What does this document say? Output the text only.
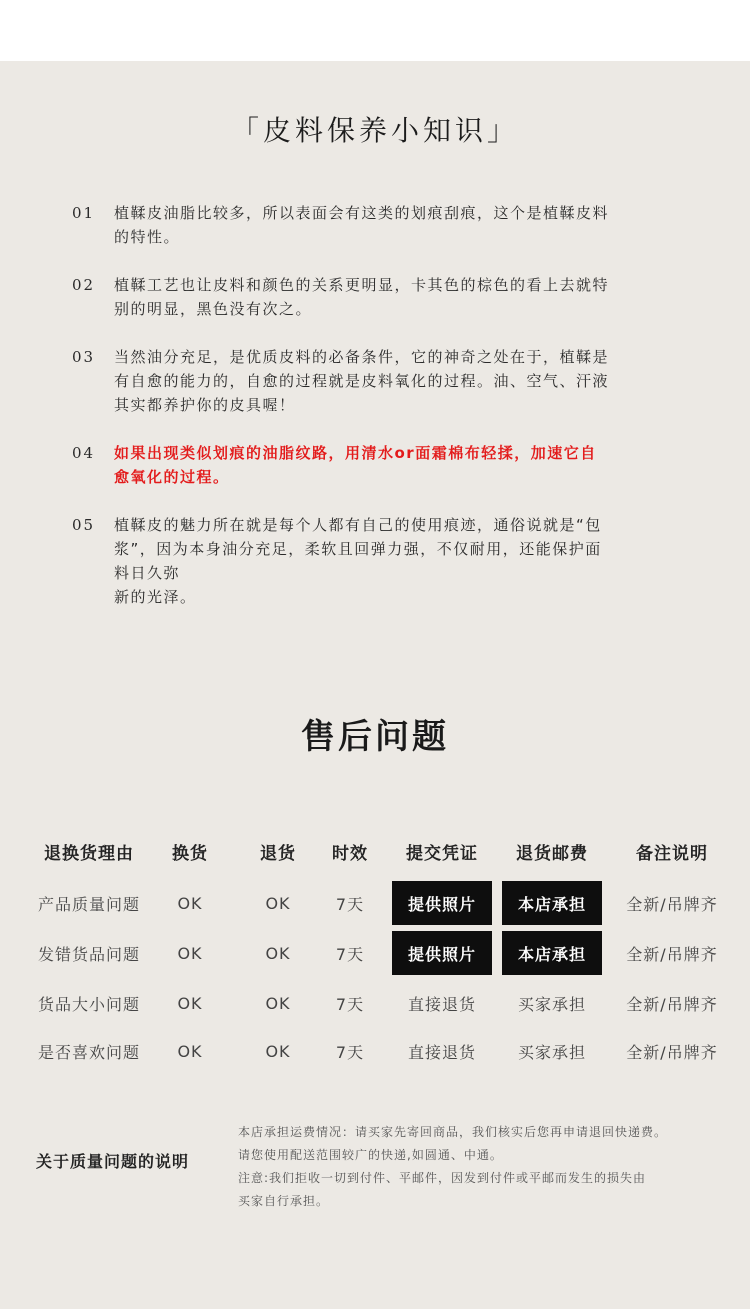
「皮料保养小知识」
01	植鞣皮油脂比较多，所以表面会有这类的划痕刮痕，这个是植鞣皮料
的特性。
02	植鞣工艺也让皮料和颜色的关系更明显，卡其色的棕色的看上去就特
别的明显，黑色没有次之。
03	当然油分充足，是优质皮料的必备条件，它的神奇之处在于，植鞣是
有自愈的能力的，自愈的过程就是皮料氧化的过程。油、空气、汗液
其实都养护你的皮具喔！
04	如果出现类似划痕的油脂纹路，用清水or面霜棉布轻揉，加速它自
愈氧化的过程。
05	植鞣皮的魅力所在就是每个人都有自己的使用痕迹，通俗说就是“包
浆”，因为本身油分充足，柔软且回弹力强，不仅耐用，还能保护面
料日久弥
新的光泽。
售后问题
退换货理由	换货	退货	时效	提交凭证	退货邮费	备注说明
产品质量问题	OK	OK	7天	提供照片	本店承担	全新/吊牌齐
发错货品问题	OK	OK	7天	提供照片	本店承担	全新/吊牌齐
货品大小问题	OK	OK	7天	直接退货	买家承担	全新/吊牌齐
是否喜欢问题	OK	OK	7天	直接退货	买家承担	全新/吊牌齐
关于质量问题的说明
本店承担运费情况：请买家先寄回商品，我们核实后您再申请退回快递费。
请您使用配送范围较广的快递,如圆通、中通。
注意:我们拒收一切到付件、平邮件，因发到付件或平邮而发生的损失由
买家自行承担。
